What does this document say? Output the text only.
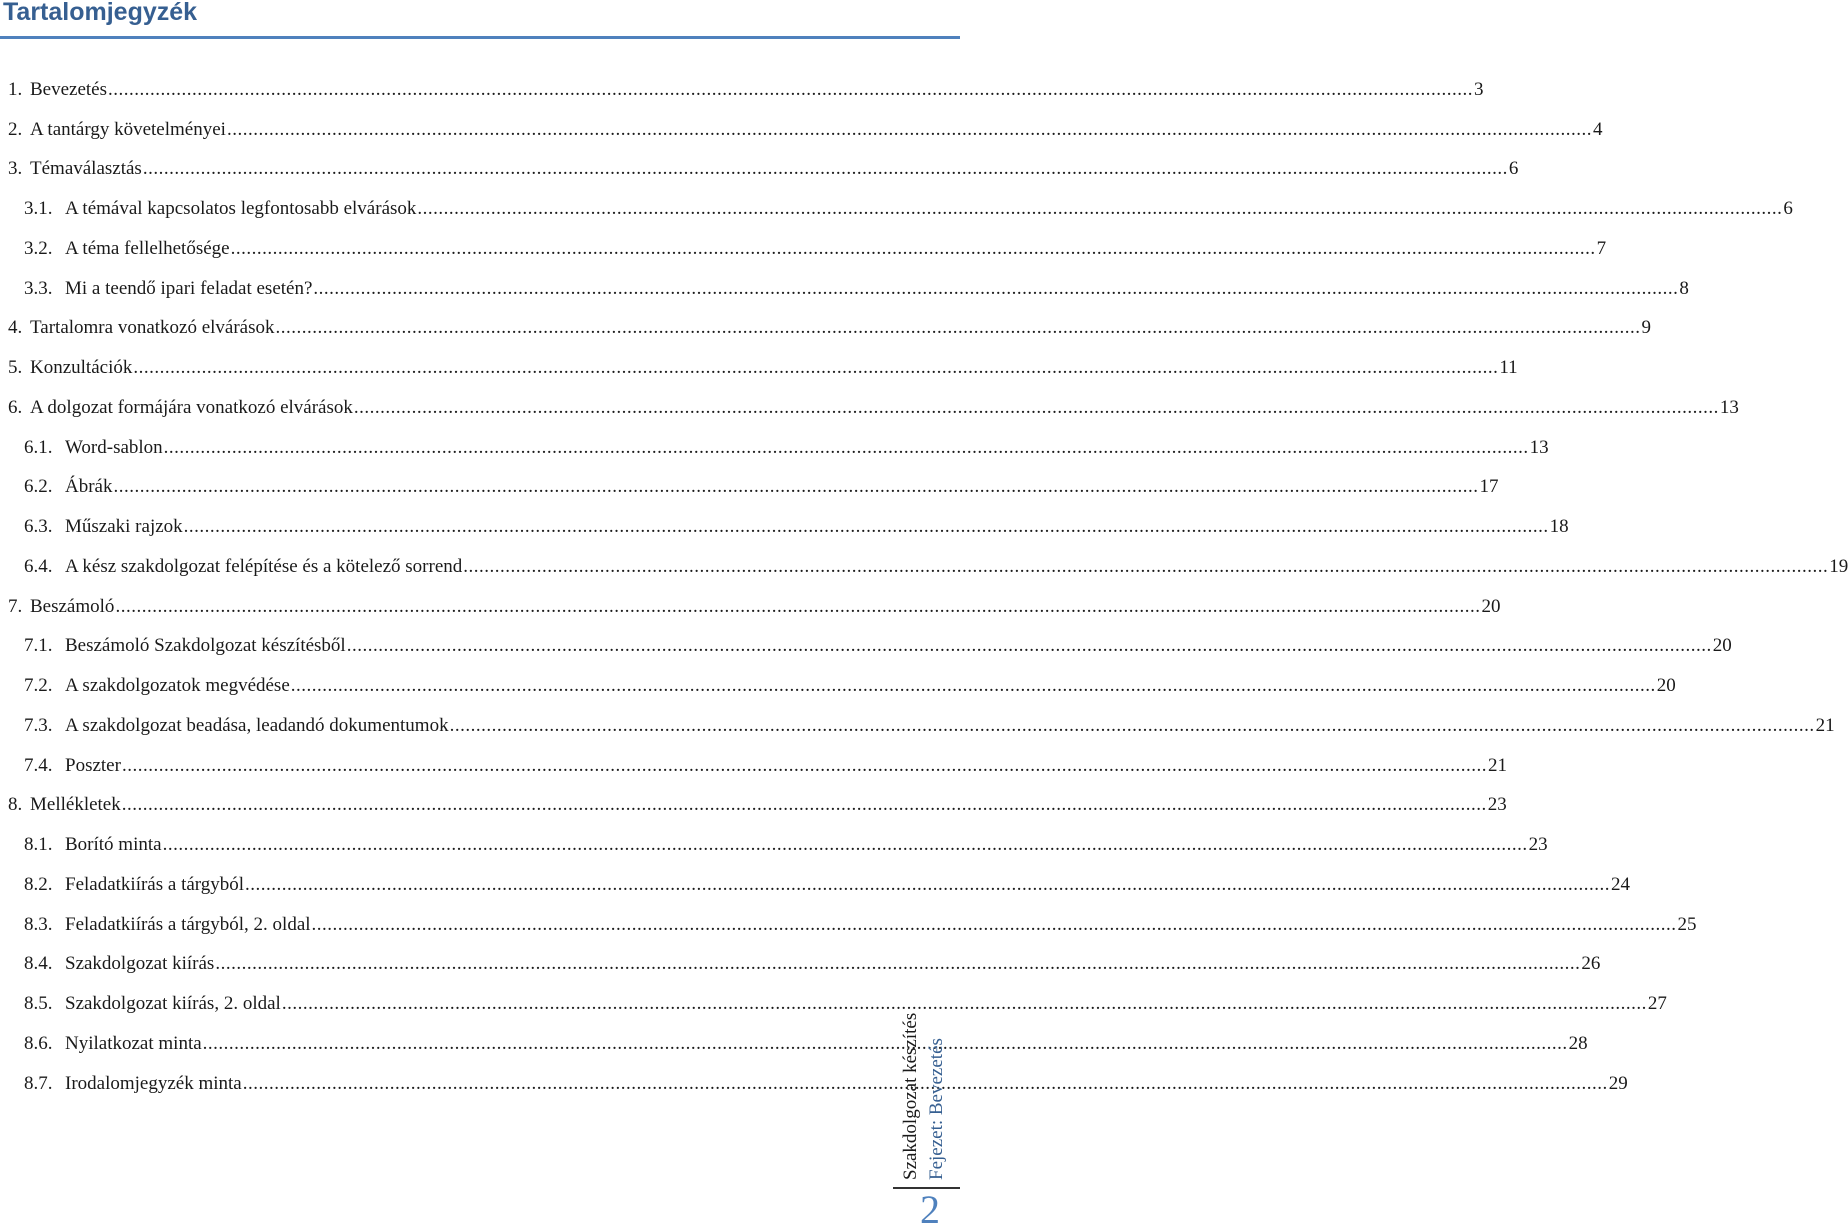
Tartalomjegyzék
1. Bevezetés .....	3
2. A tantárgy követelményei .....	4
3. Témaválasztás .....	6
3.1. A témával kapcsolatos legfontosabb elvárások .....	6
3.2. A téma fellelhetősége .....	7
3.3. Mi a teendő ipari feladat esetén? .....	8
4. Tartalomra vonatkozó elvárások .....	9
5. Konzultációk .....	11
6. A dolgozat formájára vonatkozó elvárások .....	13
6.1. Word-sablon .....	13
6.2. Ábrák .....	17
6.3. Műszaki rajzok .....	18
6.4. A kész szakdolgozat felépítése és a kötelező sorrend .....	19
7. Beszámoló .....	20
7.1. Beszámoló Szakdolgozat készítésből .....	20
7.2. A szakdolgozatok megvédése .....	20
7.3. A szakdolgozat beadása, leadandó dokumentumok .....	21
7.4. Poszter .....	21
8. Mellékletek .....	23
8.1. Borító minta .....	23
8.2. Feladatkiírás a tárgyból .....	24
8.3. Feladatkiírás a tárgyból, 2. oldal .....	25
8.4. Szakdolgozat kiírás .....	26
8.5. Szakdolgozat kiírás, 2. oldal .....	27
8.6. Nyilatkozat minta .....	28
8.7. Irodalomjegyzék minta .....	29
Szakdolgozat készítés Fejezet: Bevezetés
2
